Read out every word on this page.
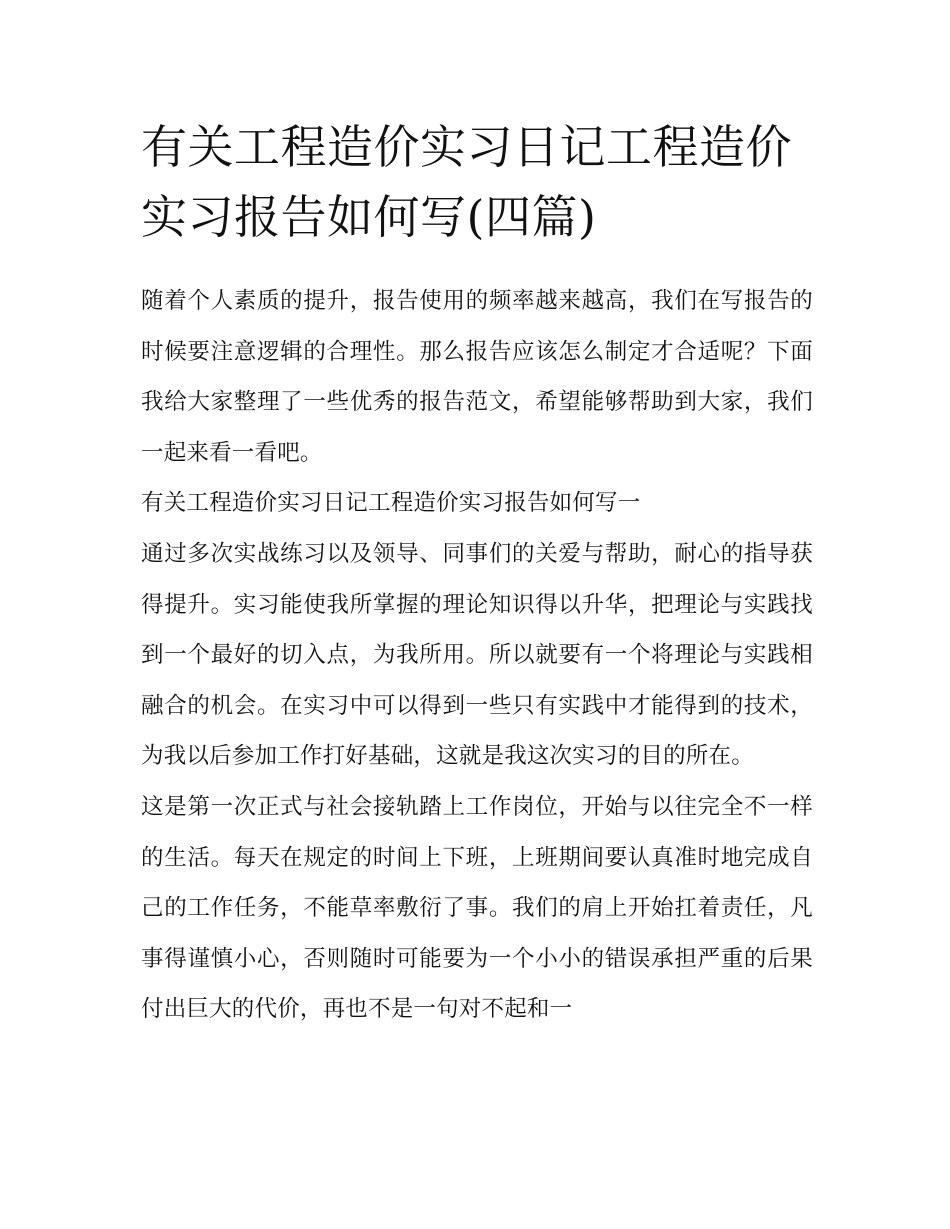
有关工程造价实习日记工程造价实习报告如何写(四篇)

随着个人素质的提升，报告使用的频率越来越高，我们在写报告的时候要注意逻辑的合理性。那么报告应该怎么制定才合适呢？下面我给大家整理了一些优秀的报告范文，希望能够帮助到大家，我们一起来看一看吧。

有关工程造价实习日记工程造价实习报告如何写一

通过多次实战练习以及领导、同事们的关爱与帮助，耐心的指导获得提升。实习能使我所掌握的理论知识得以升华，把理论与实践找到一个最好的切入点，为我所用。所以就要有一个将理论与实践相融合的机会。在实习中可以得到一些只有实践中才能得到的技术，为我以后参加工作打好基础，这就是我这次实习的目的所在。

这是第一次正式与社会接轨踏上工作岗位，开始与以往完全不一样的生活。每天在规定的时间上下班，上班期间要认真准时地完成自己的工作任务，不能草率敷衍了事。我们的肩上开始扛着责任，凡事得谨慎小心，否则随时可能要为一个小小的错误承担严重的后果付出巨大的代价，再也不是一句对不起和一
